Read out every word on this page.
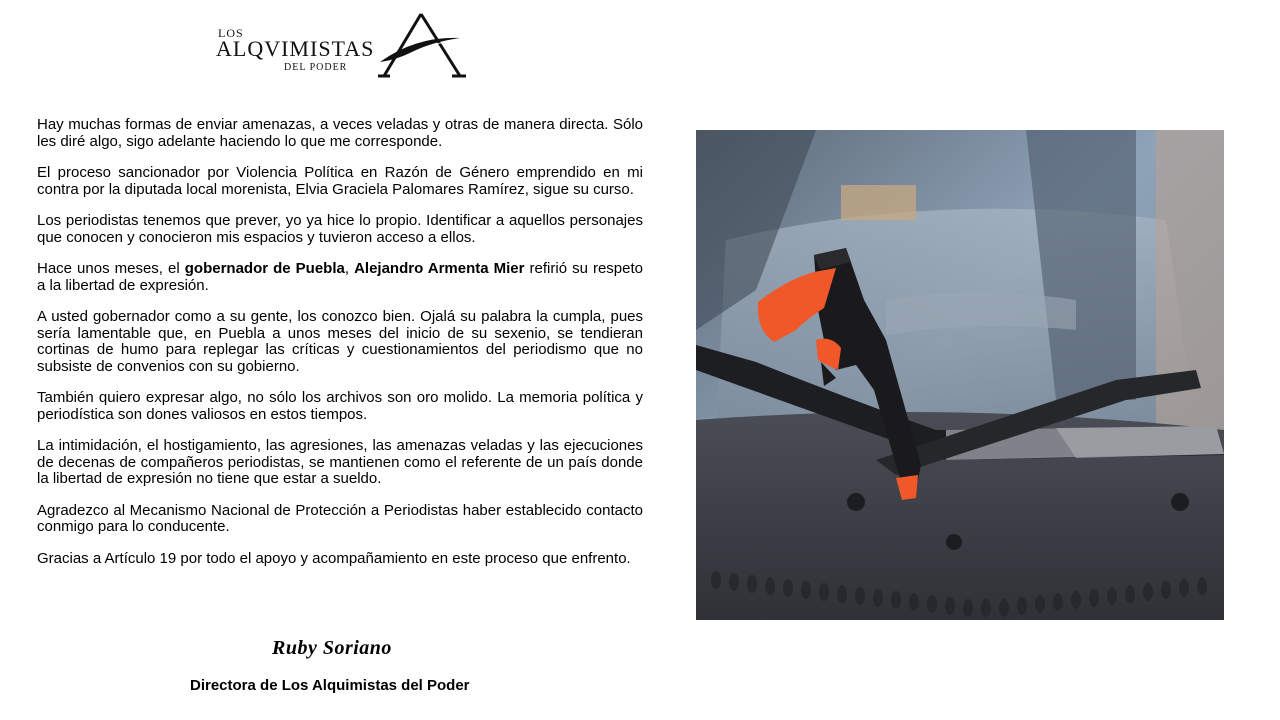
LOS
ALQVIMISTAS
DEL PODER

Hay muchas formas de enviar amenazas, a veces veladas y otras de manera directa. Sólo les diré algo, sigo adelante haciendo lo que me corresponde.

El proceso sancionador por Violencia Política en Razón de Género emprendido en mi contra por la diputada local morenista, Elvia Graciela Palomares Ramírez, sigue su curso.

Los periodistas tenemos que prever, yo ya hice lo propio. Identificar a aquellos personajes que conocen y conocieron mis espacios y tuvieron acceso a ellos.

Hace unos meses, el gobernador de Puebla, Alejandro Armenta Mier refirió su respeto a la libertad de expresión.

A usted gobernador como a su gente, los conozco bien. Ojalá su palabra la cumpla, pues sería lamentable que, en Puebla a unos meses del inicio de su sexenio, se tendieran cortinas de humo para replegar las críticas y cuestionamientos del periodismo que no subsiste de convenios con su gobierno.

También quiero expresar algo, no sólo los archivos son oro molido. La memoria política y periodística son dones valiosos en estos tiempos.

La intimidación, el hostigamiento, las agresiones, las amenazas veladas y las ejecuciones de decenas de compañeros periodistas, se mantienen como el referente de un país donde la libertad de expresión no tiene que estar a sueldo.

Agradezco al Mecanismo Nacional de Protección a Periodistas haber establecido contacto conmigo para lo conducente.

Gracias a Artículo 19 por todo el apoyo y acompañamiento en este proceso que enfrento.

Ruby Soriano
Directora de Los Alquimistas del Poder
